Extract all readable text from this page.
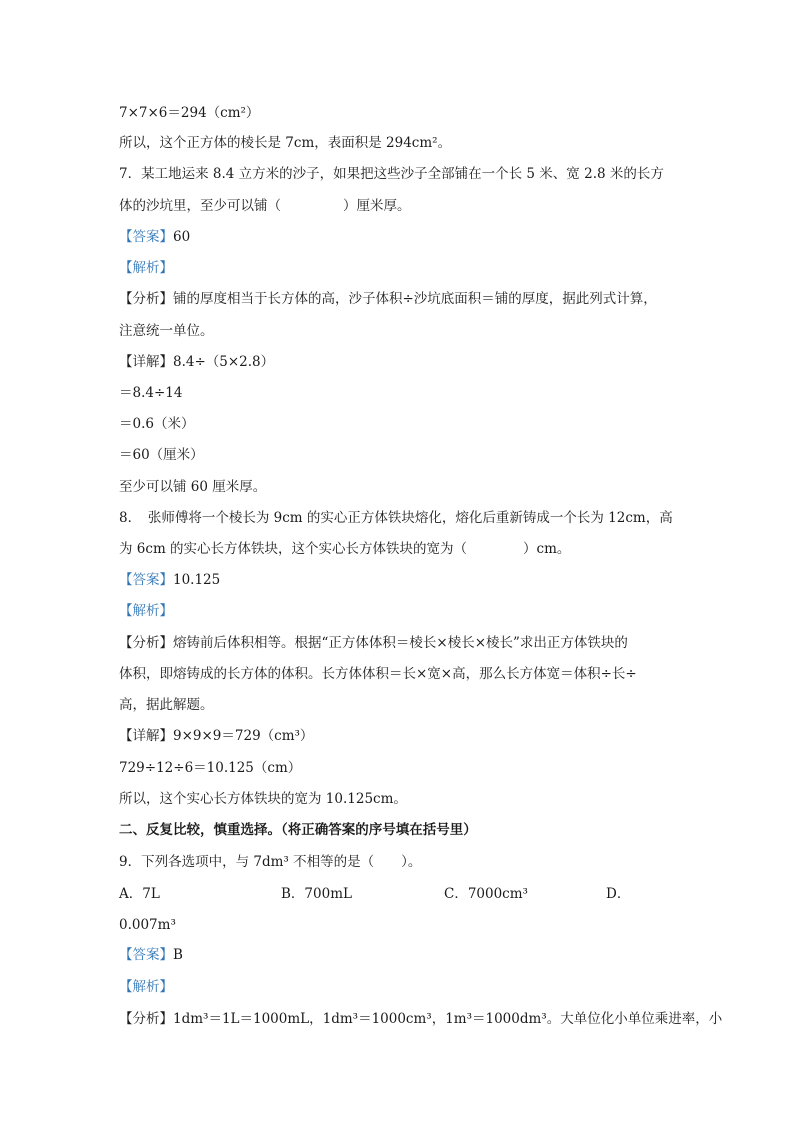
7×7×6＝294（cm²）
所以，这个正方体的棱长是 7cm，表面积是 294cm²。
7．某工地运来 8.4 立方米的沙子，如果把这些沙子全部铺在一个长 5 米、宽 2.8 米的长方
体的沙坑里，至少可以铺（	）厘米厚。
【答案】60
【解析】
【分析】铺的厚度相当于长方体的高，沙子体积÷沙坑底面积＝铺的厚度，据此列式计算，
注意统一单位。
【详解】8.4÷（5×2.8）
＝8.4÷14
＝0.6（米）
＝60（厘米）
至少可以铺 60 厘米厚。
8．　张师傅将一个棱长为 9cm 的实心正方体铁块熔化，熔化后重新铸成一个长为 12cm，高
为 6cm 的实心长方体铁块，这个实心长方体铁块的宽为（	）cm。
【答案】10.125
【解析】
【分析】熔铸前后体积相等。根据“正方体体积＝棱长×棱长×棱长”求出正方体铁块的
体积，即熔铸成的长方体的体积。长方体体积＝长×宽×高，那么长方体宽＝体积÷长÷
高，据此解题。
【详解】9×9×9＝729（cm³）
729÷12÷6＝10.125（cm）
所以，这个实心长方体铁块的宽为 10.125cm。
二、反复比较，慎重选择。（将正确答案的序号填在括号里）
9．下列各选项中，与 7dm³ 不相等的是（　　）。
A．7L	B．700mL	C．7000cm³	D．
0.007m³
【答案】B
【解析】
【分析】1dm³＝1L＝1000mL，1dm³＝1000cm³，1m³＝1000dm³。大单位化小单位乘进率，小
